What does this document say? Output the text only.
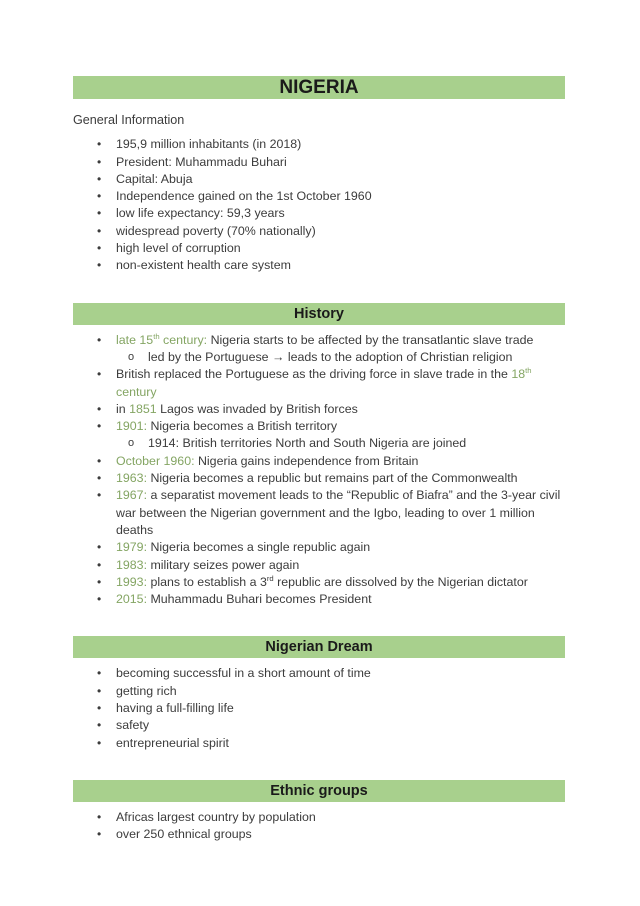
NIGERIA
General Information
• 195,9 million inhabitants (in 2018)
• President: Muhammadu Buhari
• Capital: Abuja
• Independence gained on the 1st October 1960
• low life expectancy: 59,3 years
• widespread poverty (70% nationally)
• high level of corruption
• non-existent health care system
History
• late 15th century: Nigeria starts to be affected by the transatlantic slave trade
o led by the Portuguese → leads to the adoption of Christian religion
• British replaced the Portuguese as the driving force in slave trade in the 18th century
• in 1851 Lagos was invaded by British forces
• 1901: Nigeria becomes a British territory
o 1914: British territories North and South Nigeria are joined
• October 1960: Nigeria gains independence from Britain
• 1963: Nigeria becomes a republic but remains part of the Commonwealth
• 1967: a separatist movement leads to the “Republic of Biafra” and the 3-year civil war between the Nigerian government and the Igbo, leading to over 1 million deaths
• 1979: Nigeria becomes a single republic again
• 1983: military seizes power again
• 1993: plans to establish a 3rd republic are dissolved by the Nigerian dictator
• 2015: Muhammadu Buhari becomes President
Nigerian Dream
• becoming successful in a short amount of time
• getting rich
• having a full-filling life
• safety
• entrepreneurial spirit
Ethnic groups
• Africas largest country by population
• over 250 ethnical groups
